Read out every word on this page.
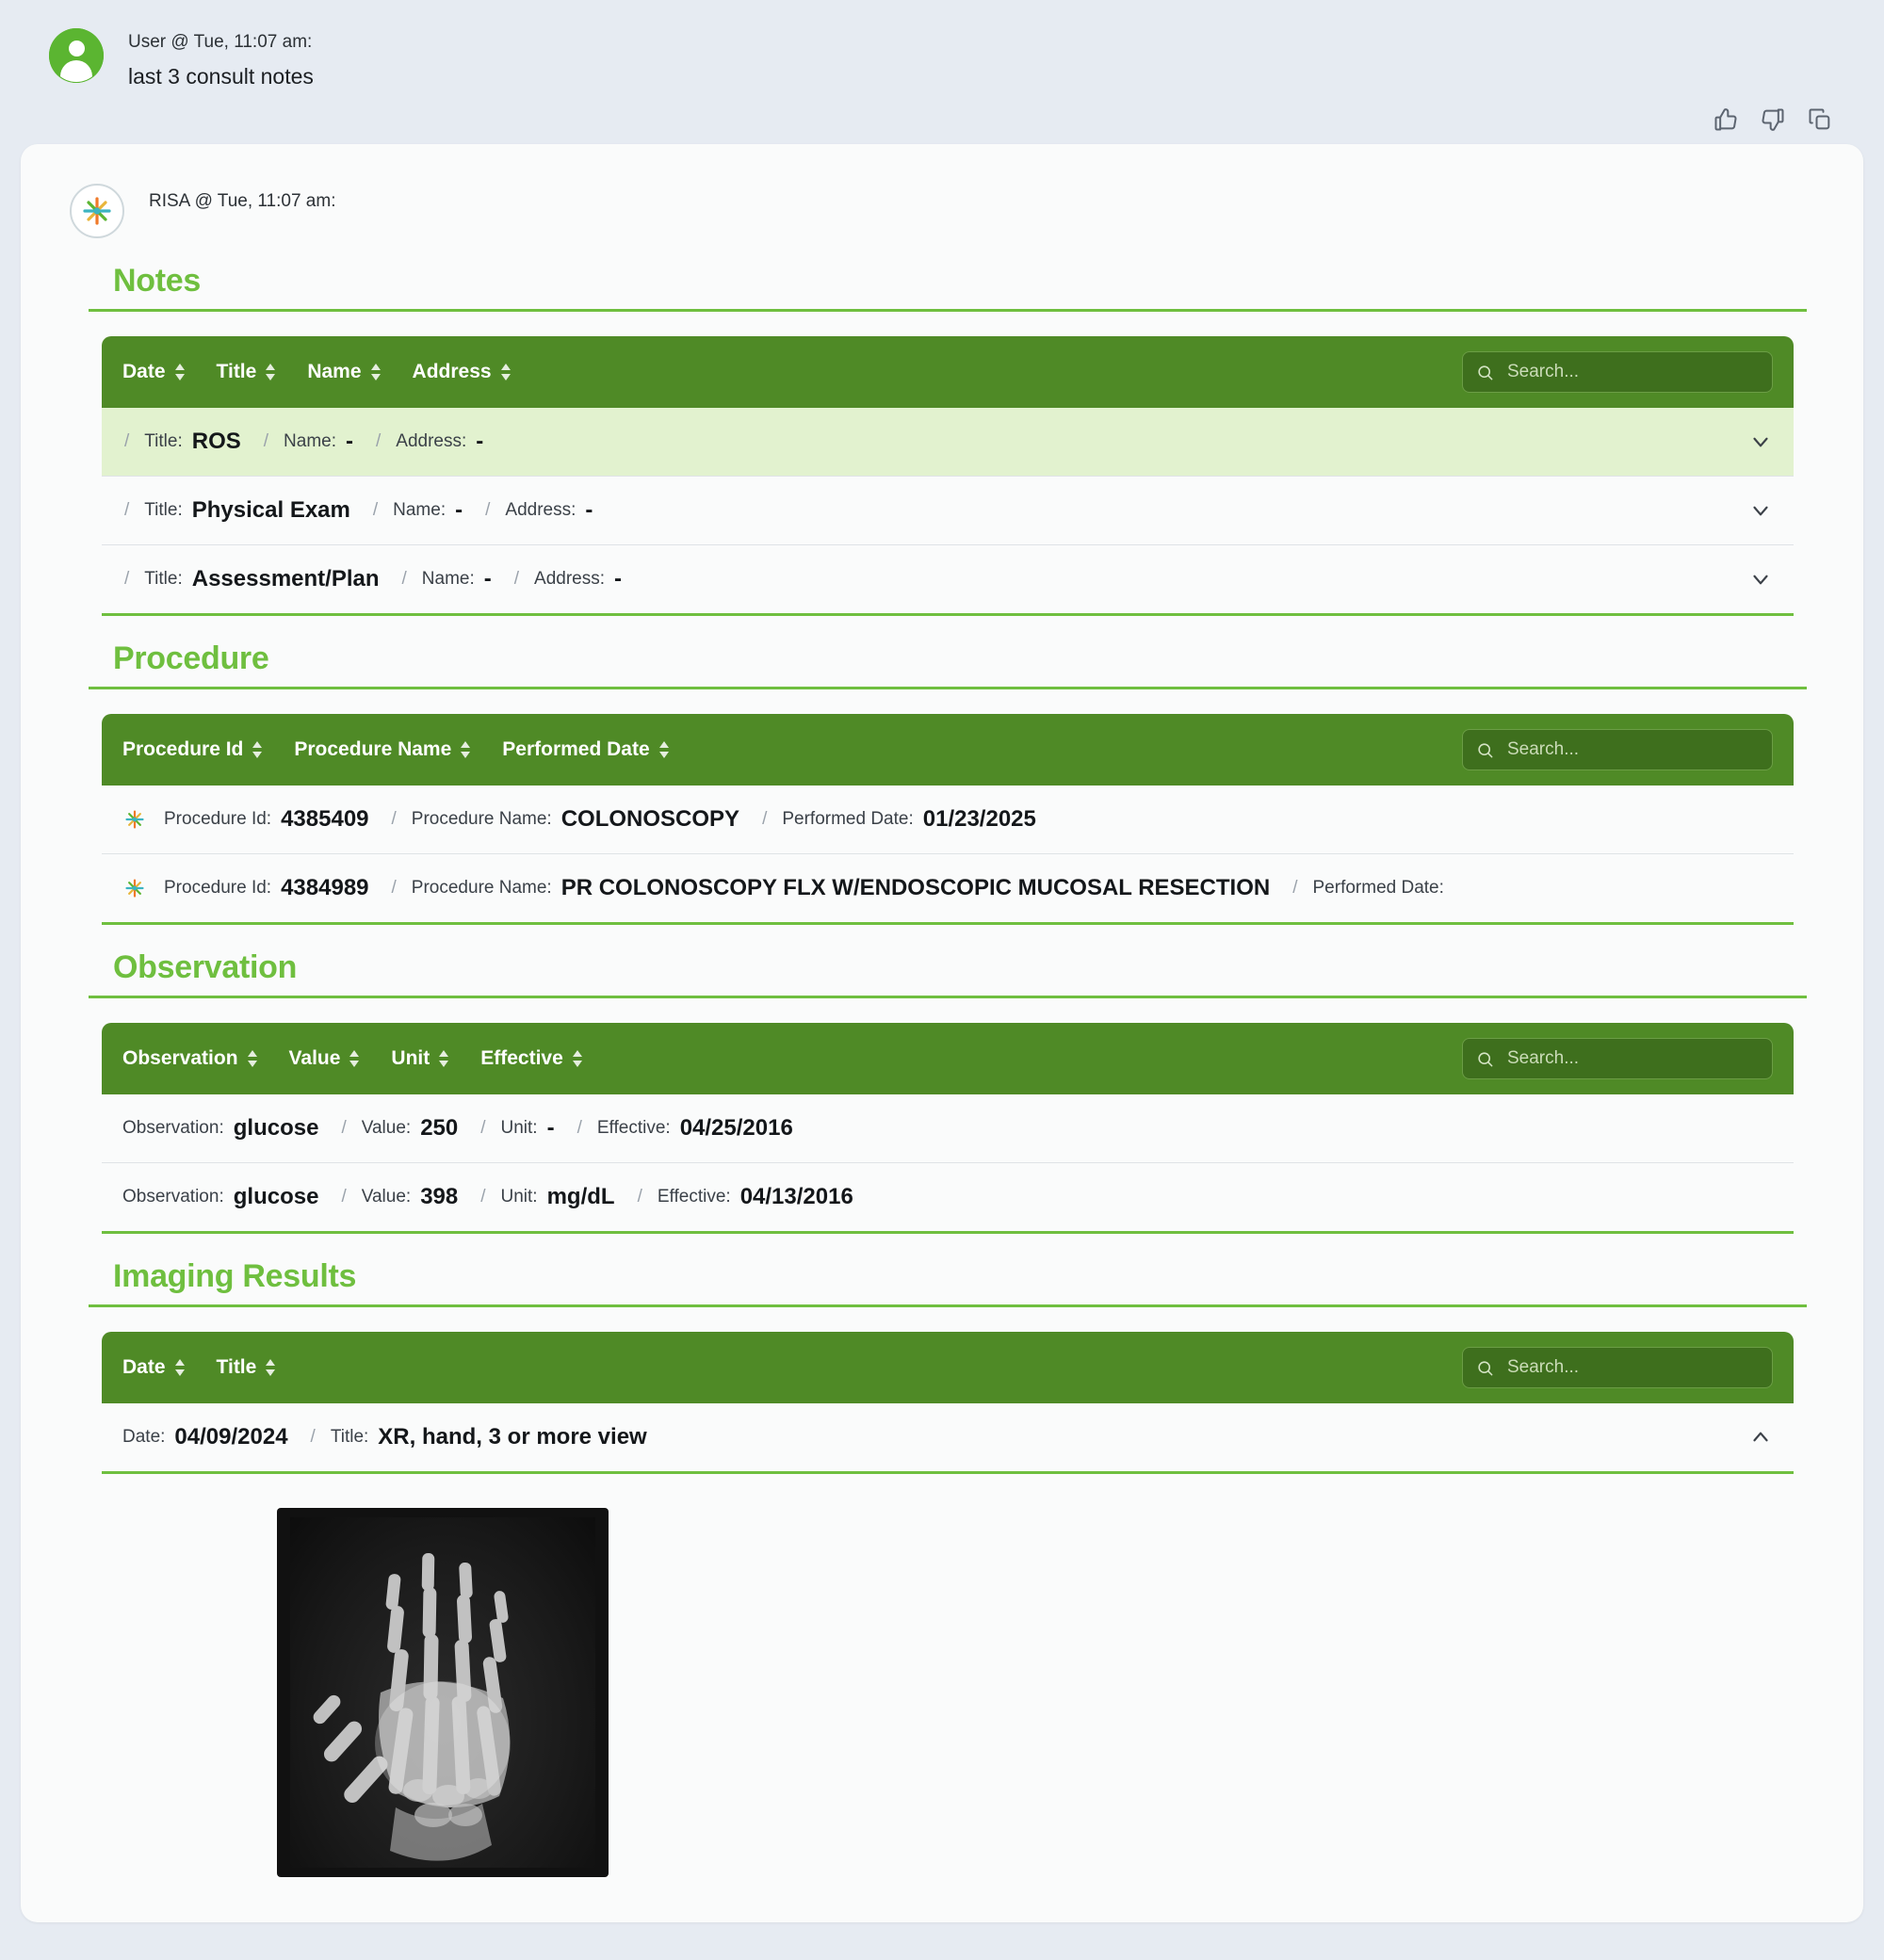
User @ Tue, 11:07 am:
last 3 consult notes
RISA @ Tue, 11:07 am:
Notes
Date	Title	Name	Address
Search...
/ Title: ROS / Name: - / Address: -
/ Title: Physical Exam / Name: - / Address: -
/ Title: Assessment/Plan / Name: - / Address: -
Procedure
Procedure Id	Procedure Name	Performed Date
Search...
Procedure Id: 4385409 / Procedure Name: COLONOSCOPY / Performed Date: 01/23/2025
Procedure Id: 4384989 / Procedure Name: PR COLONOSCOPY FLX W/ENDOSCOPIC MUCOSAL RESECTION / Performed Date:
Observation
Observation	Value	Unit	Effective
Search...
Observation: glucose / Value: 250 / Unit: - / Effective: 04/25/2016
Observation: glucose / Value: 398 / Unit: mg/dL / Effective: 04/13/2016
Imaging Results
Date	Title
Search...
Date: 04/09/2024 / Title: XR, hand, 3 or more view
